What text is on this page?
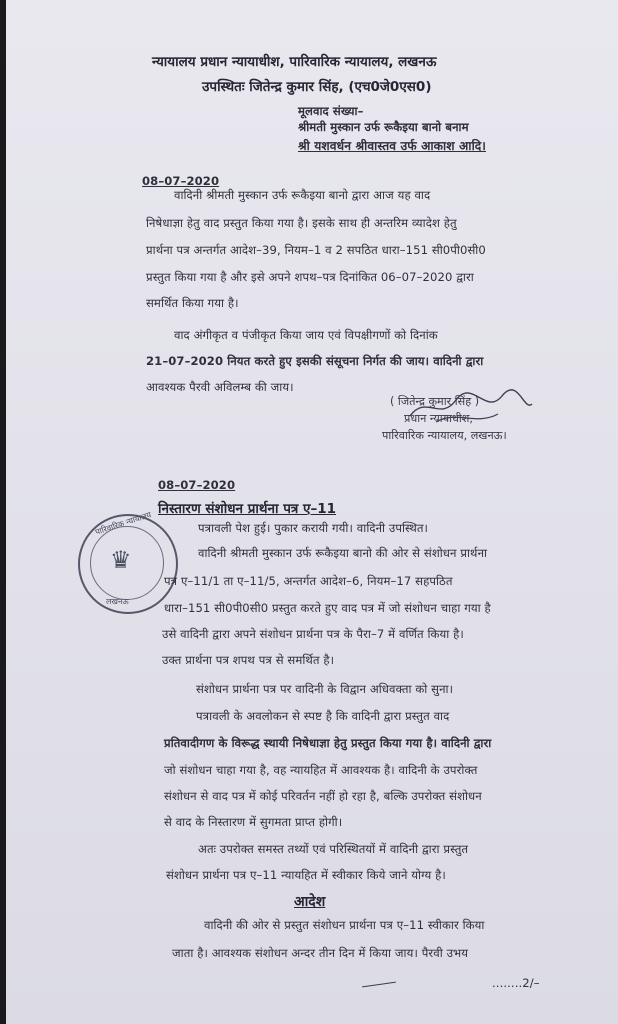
न्यायालय प्रधान न्यायाधीश, पारिवारिक न्यायालय, लखनऊ
उपस्थितः जितेन्द्र कुमार सिंह, (एच0जे0एस0)
मूलवाद संख्या–
श्रीमती मुस्कान उर्फ रूकैइया बानो बनाम
श्री यशवर्धन श्रीवास्तव उर्फ आकाश आदि।
08–07–2020
वादिनी श्रीमती मुस्कान उर्फ रूकैइया बानो द्वारा आज यह वाद
निषेधाज्ञा हेतु वाद प्रस्तुत किया गया है। इसके साथ ही अन्तरिम व्यादेश हेतु
प्रार्थना पत्र अन्तर्गत आदेश–39, नियम–1 व 2 सपठित धारा–151 सी0पी0सी0
प्रस्तुत किया गया है और इसे अपने शपथ–पत्र दिनांकित 06–07–2020 द्वारा
समर्थित किया गया है।
वाद अंगीकृत व पंजीकृत किया जाय एवं विपक्षीगणों को दिनांक
21–07–2020 नियत करते हुए इसकी संसूचना निर्गत की जाय। वादिनी द्वारा
आवश्यक पैरवी अविलम्ब की जाय।
( जितेन्द्र कुमार सिंह )
प्रधान न्यायाधीश,
पारिवारिक न्यायालय, लखनऊ।
08–07–2020
निस्तारण संशोधन प्रार्थना पत्र ए–11
पारिवारिक न्यायालय
♛
लखनऊ
पत्रावली पेश हुई। पुकार करायी गयी। वादिनी उपस्थित।
वादिनी श्रीमती मुस्कान उर्फ रूकैइया बानो की ओर से संशोधन प्रार्थना
पत्र ए–11/1 ता ए–11/5, अन्तर्गत आदेश–6, नियम–17 सहपठित
धारा–151 सी0पी0सी0 प्रस्तुत करते हुए वाद पत्र में जो संशोधन चाहा गया है
उसे वादिनी द्वारा अपने संशोधन प्रार्थना पत्र के पैरा–7 में वर्णित किया है।
उक्त प्रार्थना पत्र शपथ पत्र से समर्थित है।
संशोधन प्रार्थना पत्र पर वादिनी के विद्वान अधिवक्ता को सुना।
पत्रावली के अवलोकन से स्पष्ट है कि वादिनी द्वारा प्रस्तुत वाद
प्रतिवादीगण के विरूद्ध स्थायी निषेधाज्ञा हेतु प्रस्तुत किया गया है। वादिनी द्वारा
जो संशोधन चाहा गया है, वह न्यायहित में आवश्यक है। वादिनी के उपरोक्त
संशोधन से वाद पत्र में कोई परिवर्तन नहीं हो रहा है, बल्कि उपरोक्त संशोधन
से वाद के निस्तारण में सुगमता प्राप्त होगी।
अतः उपरोक्त समस्त तथ्यों एवं परिस्थितयों में वादिनी द्वारा प्रस्तुत
संशोधन प्रार्थना पत्र ए–11 न्यायहित में स्वीकार किये जाने योग्य है।
आदेश
वादिनी की ओर से प्रस्तुत संशोधन प्रार्थना पत्र ए–11 स्वीकार किया
जाता है। आवश्यक संशोधन अन्दर तीन दिन में किया जाय। पैरवी उभय
........2/–
